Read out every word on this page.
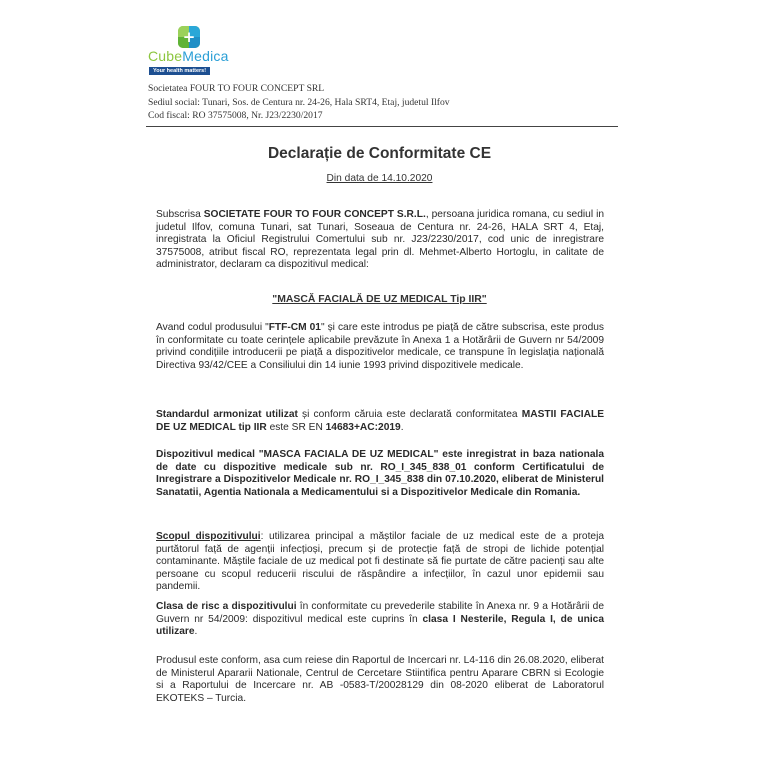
+
CubeMedica
Your health matters!
Societatea FOUR TO FOUR CONCEPT SRL
Sediul social: Tunari, Sos. de Centura nr. 24-26, Hala SRT4, Etaj, judetul Ilfov
Cod fiscal: RO 37575008, Nr. J23/2230/2017
Declarație de Conformitate CE
Din data de 14.10.2020
Subscrisa SOCIETATE FOUR TO FOUR CONCEPT S.R.L., persoana juridica romana, cu sediul in judetul Ilfov, comuna Tunari, sat Tunari, Soseaua de Centura nr. 24-26, HALA SRT 4, Etaj, inregistrata la Oficiul Registrului Comertului sub nr. J23/2230/2017, cod unic de inregistrare 37575008, atribut fiscal RO, reprezentata legal prin dl. Mehmet-Alberto Hortoglu, in calitate de administrator, declaram ca dispozitivul medical:
"MASCĂ FACIALĂ DE UZ MEDICAL Tip IIR"
Avand codul produsului "FTF-CM 01" și care este introdus pe piață de către subscrisa, este produs în conformitate cu toate cerințele aplicabile prevăzute în Anexa 1 a Hotărârii de Guvern nr 54/2009 privind condițiile introducerii pe piață a dispozitivelor medicale, ce transpune în legislația națională Directiva 93/42/CEE a Consiliului din 14 iunie 1993 privind dispozitivele medicale.
Standardul armonizat utilizat și conform căruia este declarată conformitatea MASTII FACIALE DE UZ MEDICAL tip IIR este SR EN 14683+AC:2019.
Dispozitivul medical "MASCA FACIALA DE UZ MEDICAL" este inregistrat in baza nationala de date cu dispozitive medicale sub nr. RO_I_345_838_01 conform Certificatului de Inregistrare a Dispozitivelor Medicale nr. RO_I_345_838 din 07.10.2020, eliberat de Ministerul Sanatatii, Agentia Nationala a Medicamentului si a Dispozitivelor Medicale din Romania.
Scopul dispozitivului: utilizarea principal a măștilor faciale de uz medical este de a proteja purtătorul față de agenții infecțioși, precum și de protecție față de stropi de lichide potențial contaminante. Măștile faciale de uz medical pot fi destinate să fie purtate de către pacienți sau alte persoane cu scopul reducerii riscului de răspândire a infecțiilor, în cazul unor epidemii sau pandemii.
Clasa de risc a dispozitivului în conformitate cu prevederile stabilite în Anexa nr. 9 a Hotărârii de Guvern nr 54/2009: dispozitivul medical este cuprins în clasa I Nesterile, Regula I, de unica utilizare.
Produsul este conform, asa cum reiese din Raportul de Incercari nr. L4-116 din 26.08.2020, eliberat de Ministerul Apararii Nationale, Centrul de Cercetare Stiintifica pentru Aparare CBRN si Ecologie si a Raportului de Incercare nr. AB -0583-T/20028129 din 08-2020 eliberat de Laboratorul EKOTEKS – Turcia.
